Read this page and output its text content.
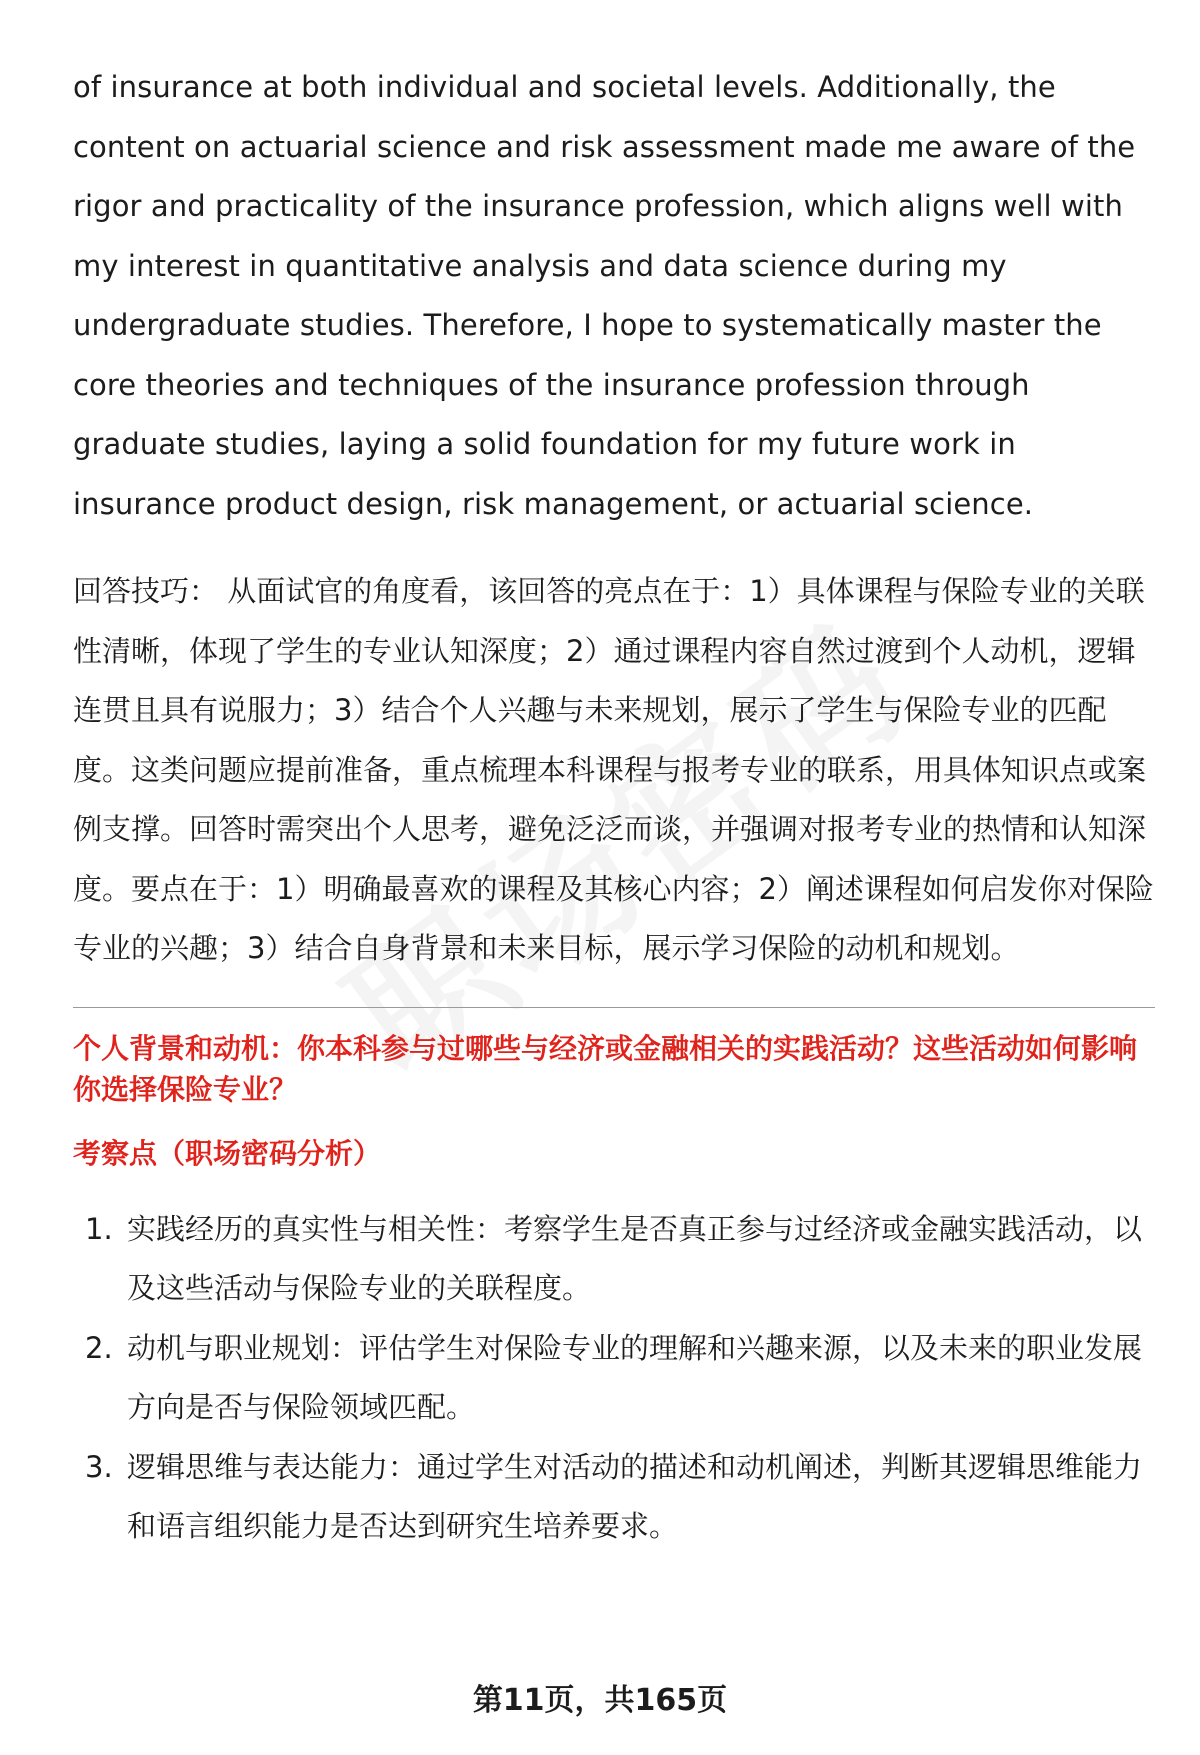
of insurance at both individual and societal levels. Additionally, the content on actuarial science and risk assessment made me aware of the rigor and practicality of the insurance profession, which aligns well with my interest in quantitative analysis and data science during my undergraduate studies. Therefore, I hope to systematically master the core theories and techniques of the insurance profession through graduate studies, laying a solid foundation for my future work in insurance product design, risk management, or actuarial science.

回答技巧： 从面试官的角度看，该回答的亮点在于：1）具体课程与保险专业的关联性清晰，体现了学生的专业认知深度；2）通过课程内容自然过渡到个人动机，逻辑连贯且具有说服力；3）结合个人兴趣与未来规划，展示了学生与保险专业的匹配度。这类问题应提前准备，重点梳理本科课程与报考专业的联系，用具体知识点或案例支撑。回答时需突出个人思考，避免泛泛而谈，并强调对报考专业的热情和认知深度。要点在于：1）明确最喜欢的课程及其核心内容；2）阐述课程如何启发你对保险专业的兴趣；3）结合自身背景和未来目标，展示学习保险的动机和规划。

个人背景和动机：你本科参与过哪些与经济或金融相关的实践活动？这些活动如何影响你选择保险专业？
考察点（职场密码分析）
1. 实践经历的真实性与相关性：考察学生是否真正参与过经济或金融实践活动，以及这些活动与保险专业的关联程度。
2. 动机与职业规划：评估学生对保险专业的理解和兴趣来源，以及未来的职业发展方向是否与保险领域匹配。
3. 逻辑思维与表达能力：通过学生对活动的描述和动机阐述，判断其逻辑思维能力和语言组织能力是否达到研究生培养要求。
第11页，共165页
